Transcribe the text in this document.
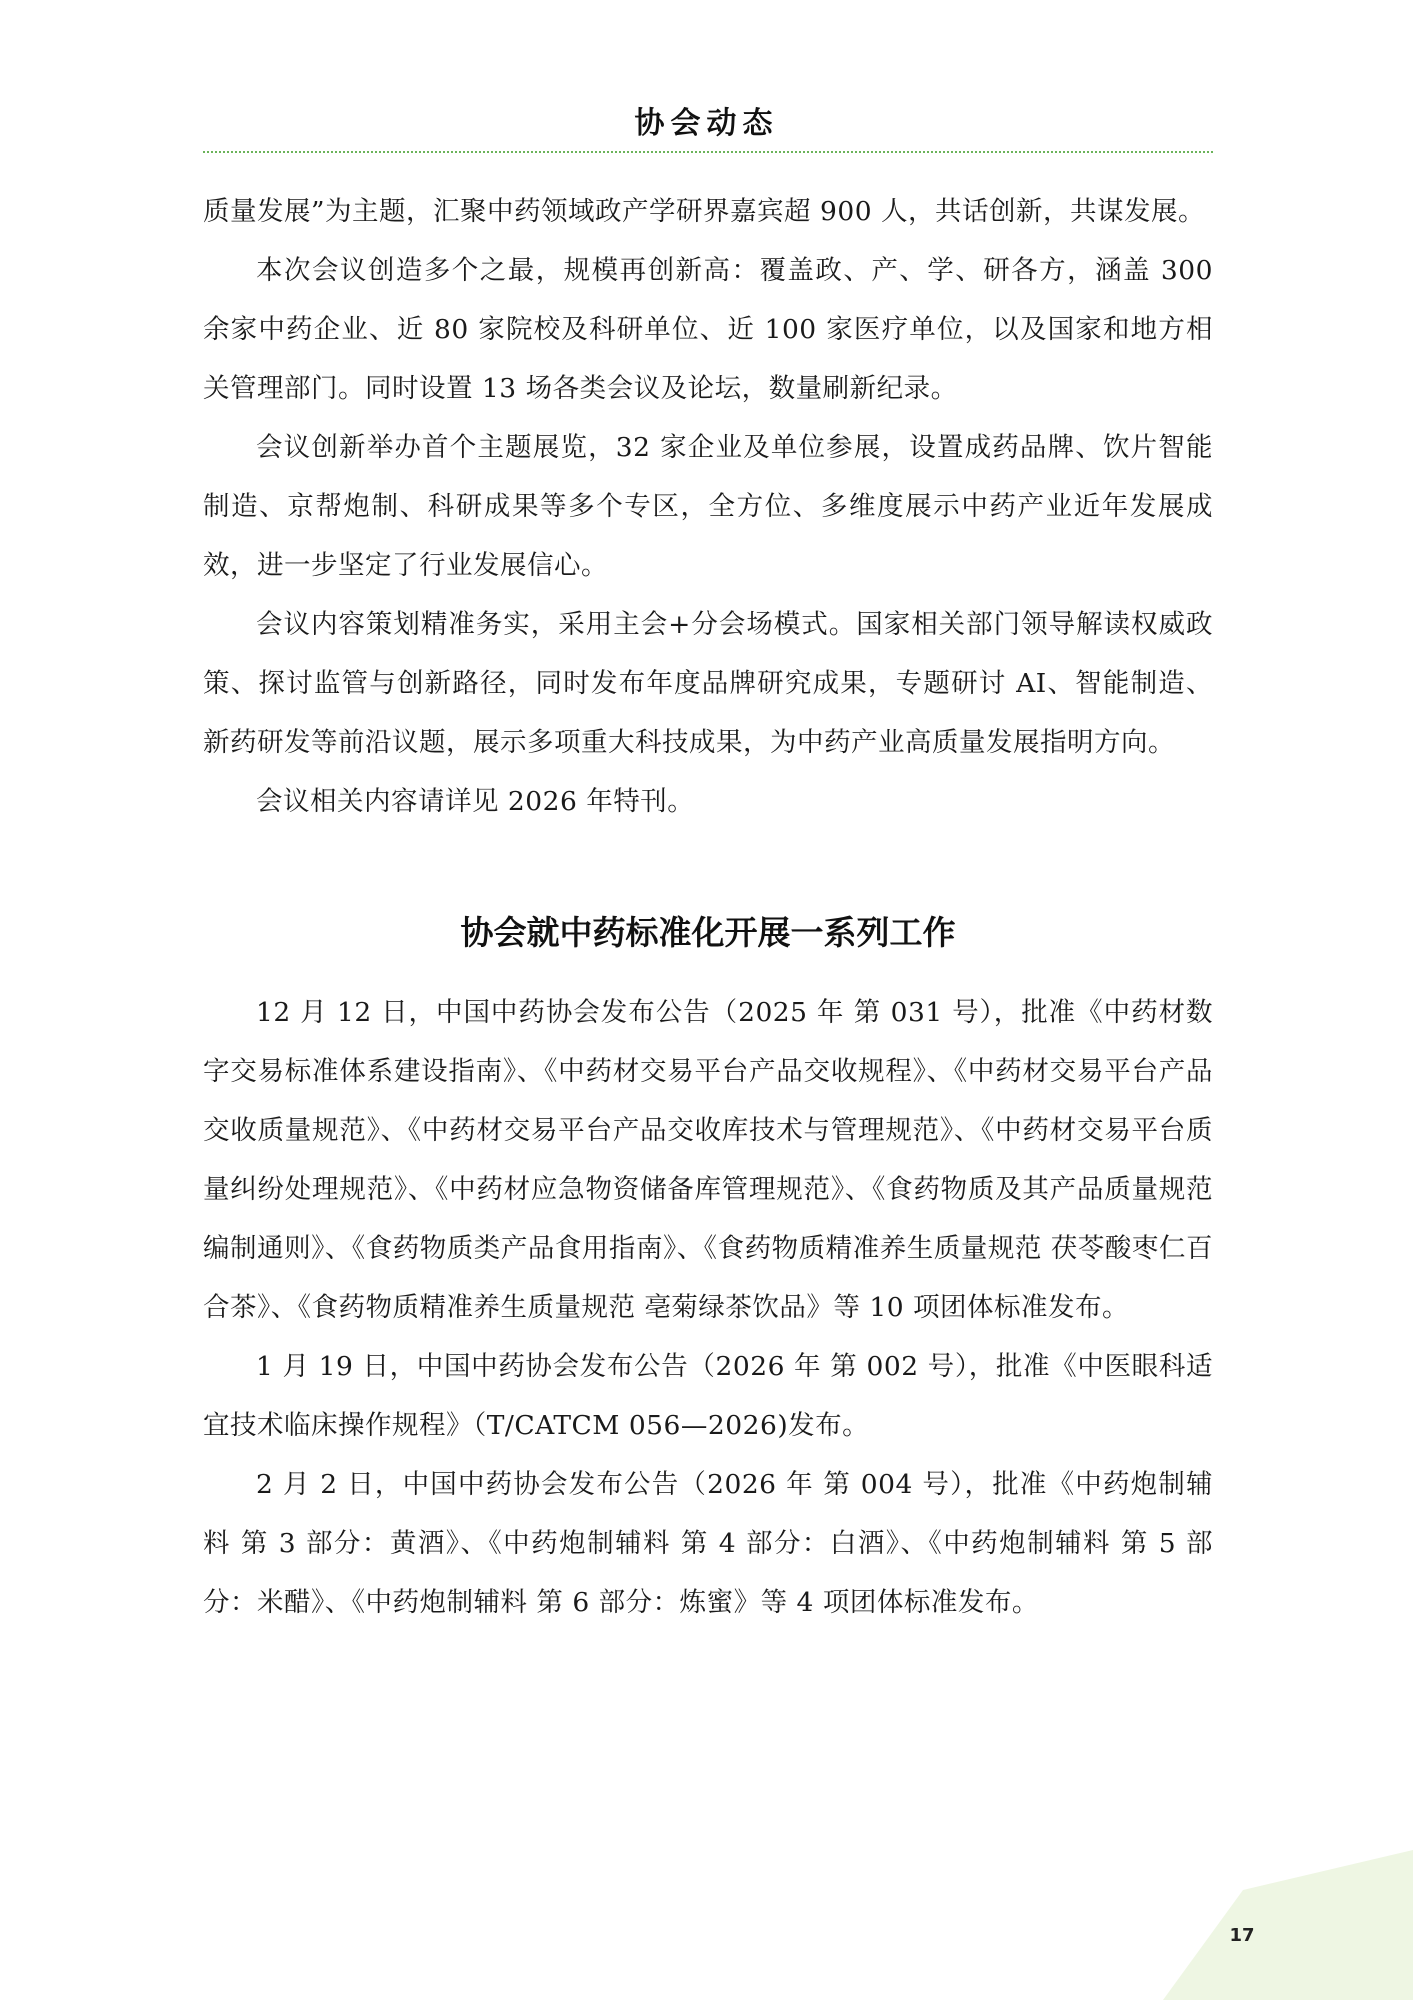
协会动态

质量发展”为主题，汇聚中药领域政产学研界嘉宾超 900 人，共话创新，共谋发展。

本次会议创造多个之最，规模再创新高：覆盖政、产、学、研各方，涵盖 300 余家中药企业、近 80 家院校及科研单位、近 100 家医疗单位，以及国家和地方相关管理部门。同时设置 13 场各类会议及论坛，数量刷新纪录。

会议创新举办首个主题展览，32 家企业及单位参展，设置成药品牌、饮片智能制造、京帮炮制、科研成果等多个专区，全方位、多维度展示中药产业近年发展成效，进一步坚定了行业发展信心。

会议内容策划精准务实，采用主会+分会场模式。国家相关部门领导解读权威政策、探讨监管与创新路径，同时发布年度品牌研究成果，专题研讨 AI、智能制造、新药研发等前沿议题，展示多项重大科技成果，为中药产业高质量发展指明方向。

会议相关内容请详见 2026 年特刊。

协会就中药标准化开展一系列工作

12 月 12 日，中国中药协会发布公告（2025 年 第 031 号），批准《中药材数字交易标准体系建设指南》、《中药材交易平台产品交收规程》、《中药材交易平台产品交收质量规范》、《中药材交易平台产品交收库技术与管理规范》、《中药材交易平台质量纠纷处理规范》、《中药材应急物资储备库管理规范》、《食药物质及其产品质量规范 编制通则》、《食药物质类产品食用指南》、《食药物质精准养生质量规范 茯苓酸枣仁百合茶》、《食药物质精准养生质量规范 亳菊绿茶饮品》等 10 项团体标准发布。

1 月 19 日，中国中药协会发布公告（2026 年 第 002 号），批准《中医眼科适宜技术临床操作规程》（T/CATCM 056—2026)发布。

2 月 2 日，中国中药协会发布公告（2026 年 第 004 号），批准《中药炮制辅料 第 3 部分：黄酒》、《中药炮制辅料 第 4 部分：白酒》、《中药炮制辅料 第 5 部分：米醋》、《中药炮制辅料 第 6 部分：炼蜜》等 4 项团体标准发布。

17
